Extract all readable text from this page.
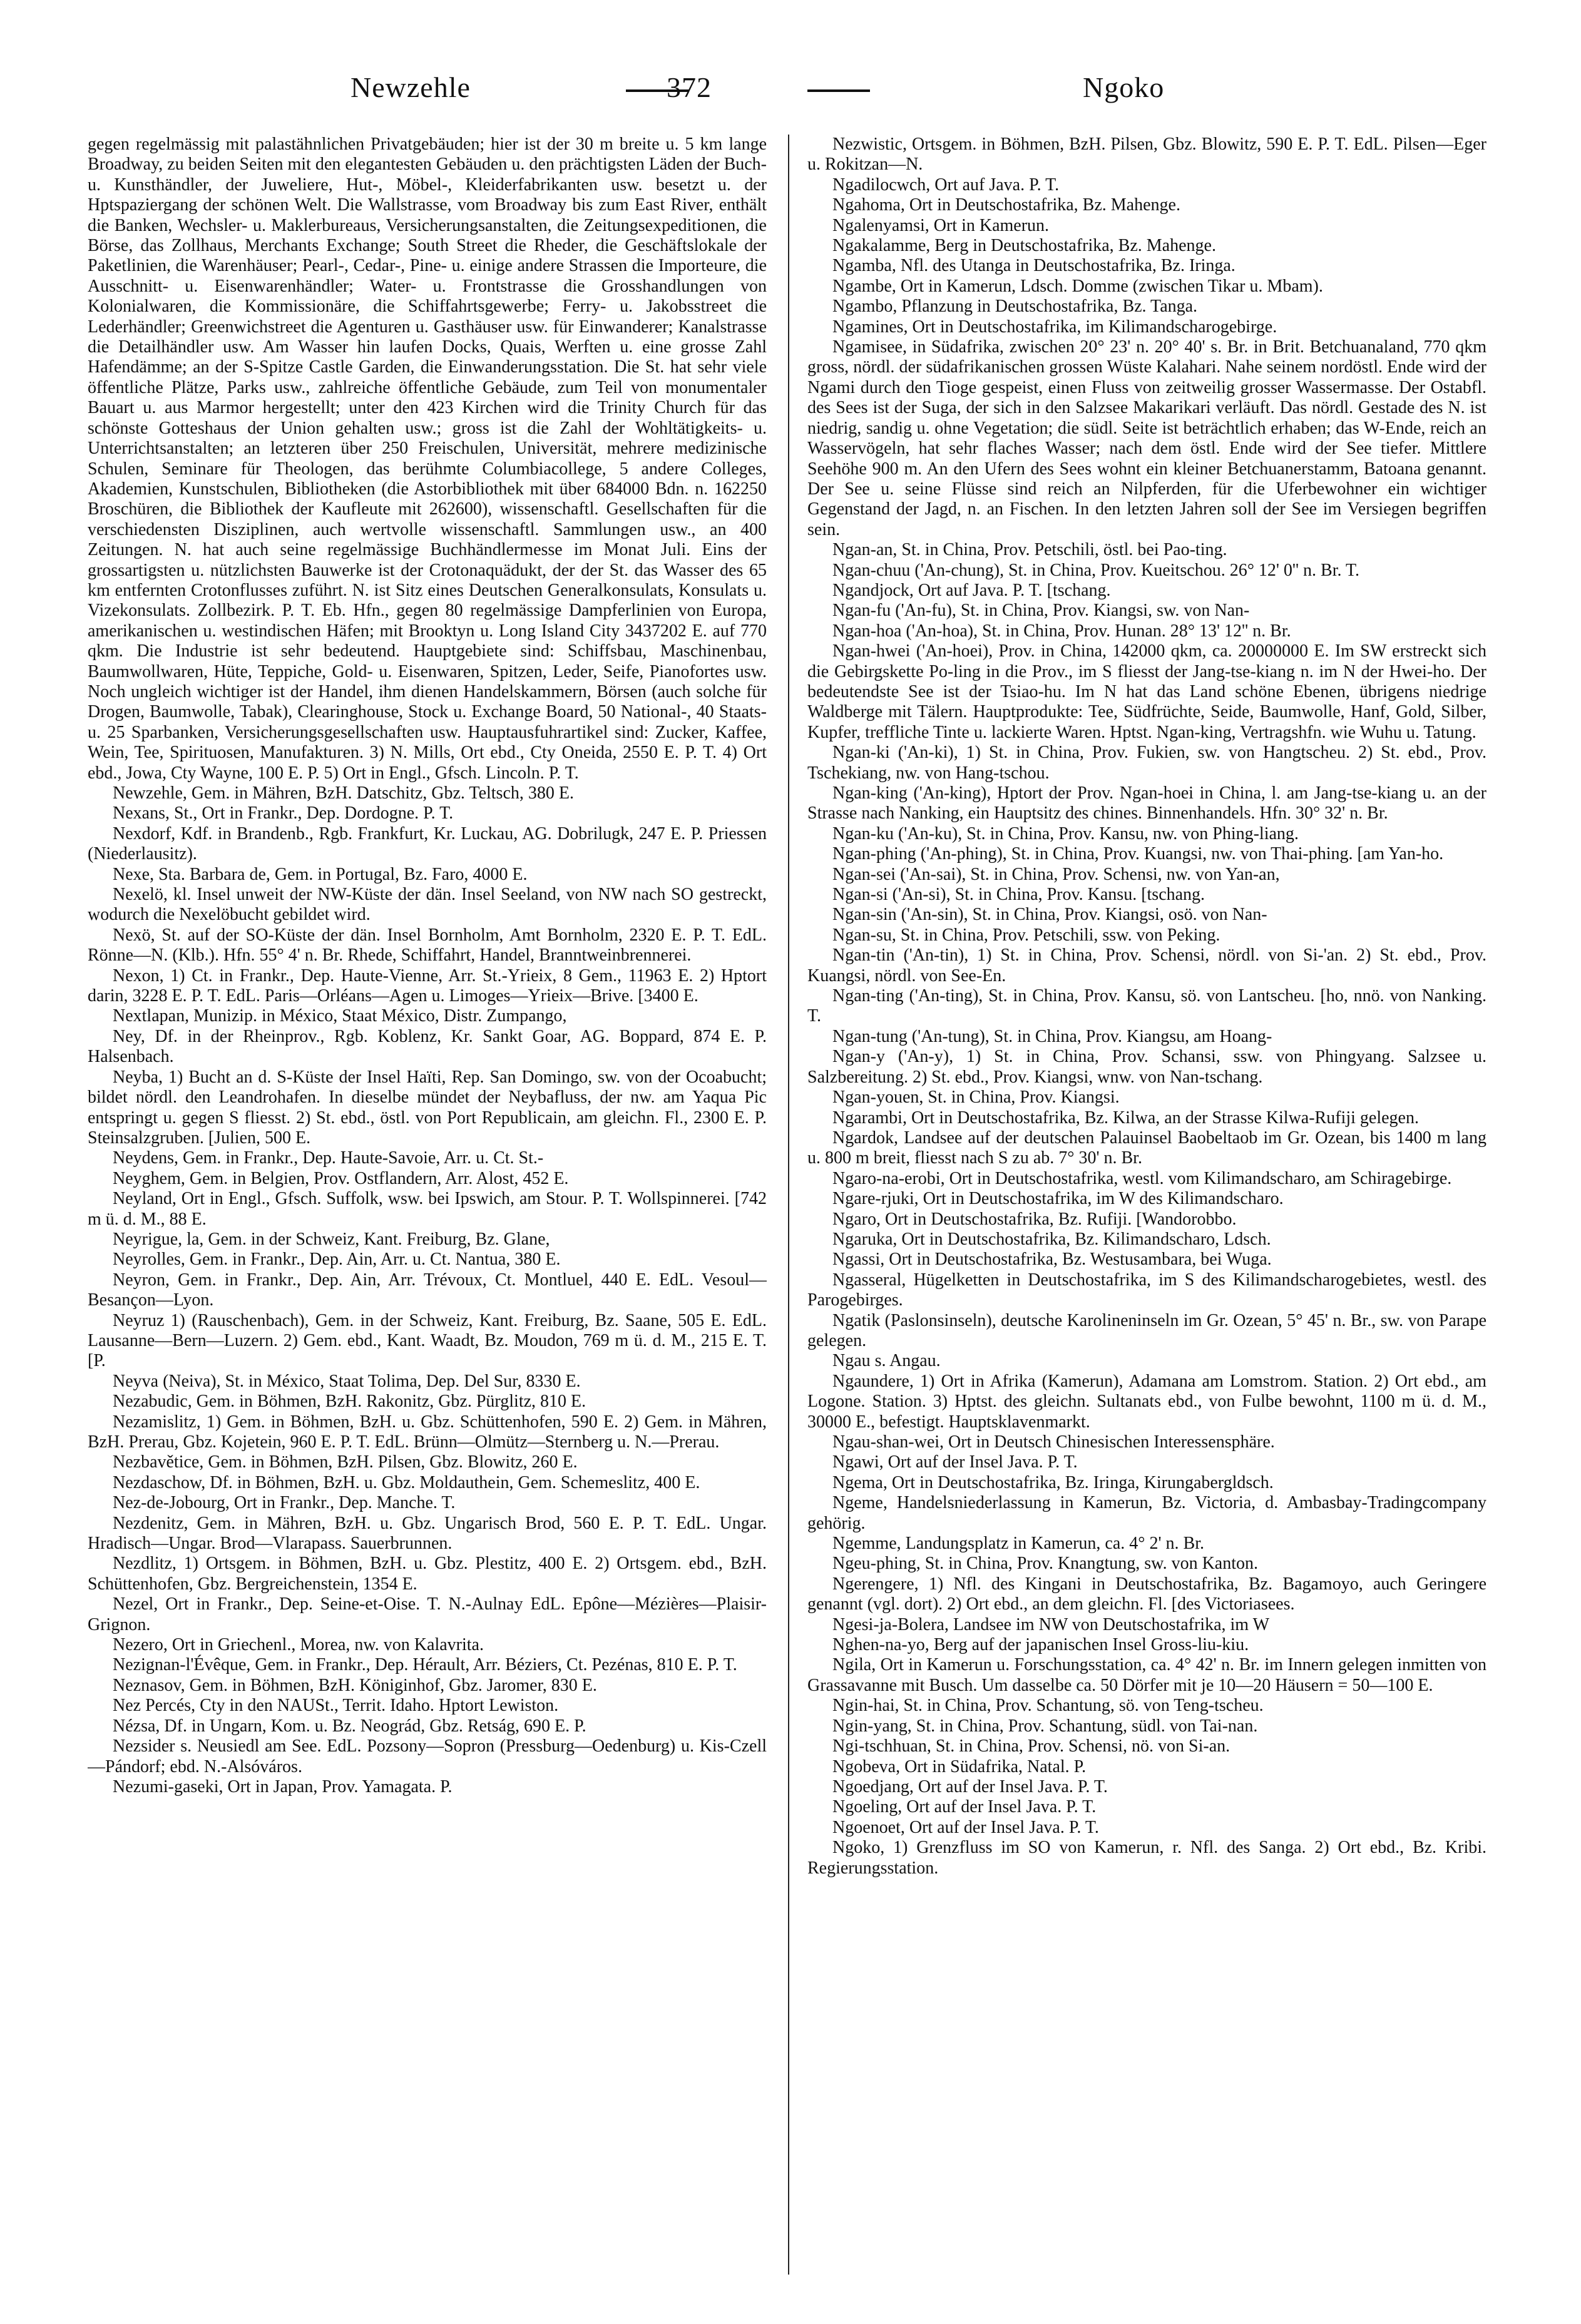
Newzehle	372	Ngoko

gegen regelmässig mit palastähnlichen Privatgebäuden; hier ist der 30 m breite u. 5 km lange Broadway, zu beiden Seiten mit den elegantesten Gebäuden u. den prächtigsten Läden der Buch- u. Kunsthändler, der Juweliere, Hut-, Möbel-, Kleiderfabrikanten usw. besetzt u. der Hptspaziergang der schönen Welt. Die Wallstrasse, vom Broadway bis zum East River, enthält die Banken, Wechsler- u. Maklerbureaus, Versicherungsanstalten, die Zeitungsexpeditionen, die Börse, das Zollhaus, Merchants Exchange; South Street die Rheder, die Geschäftslokale der Paketlinien, die Warenhäuser; Pearl-, Cedar-, Pine- u. einige andere Strassen die Importeure, die Ausschnitt- u. Eisenwarenhändler; Water- u. Frontstrasse die Grosshandlungen von Kolonialwaren, die Kommissionäre, die Schiffahrtsgewerbe; Ferry- u. Jakobsstreet die Lederhändler; Greenwichstreet die Agenturen u. Gasthäuser usw. für Einwanderer; Kanalstrasse die Detailhändler usw. Am Wasser hin laufen Docks, Quais, Werften u. eine grosse Zahl Hafendämme; an der S-Spitze Castle Garden, die Einwanderungsstation. Die St. hat sehr viele öffentliche Plätze, Parks usw., zahlreiche öffentliche Gebäude, zum Teil von monumentaler Bauart u. aus Marmor hergestellt; unter den 423 Kirchen wird die Trinity Church für das schönste Gotteshaus der Union gehalten usw.; gross ist die Zahl der Wohltätigkeits- u. Unterrichtsanstalten; an letzteren über 250 Freischulen, Universität, mehrere medizinische Schulen, Seminare für Theologen, das berühmte Columbiacollege, 5 andere Colleges, Akademien, Kunstschulen, Bibliotheken (die Astorbibliothek mit über 684000 Bdn. n. 162250 Broschüren, die Bibliothek der Kaufleute mit 262600), wissenschaftl. Gesellschaften für die verschiedensten Disziplinen, auch wertvolle wissenschaftl. Sammlungen usw., an 400 Zeitungen. N. hat auch seine regelmässige Buchhändlermesse im Monat Juli. Eins der grossartigsten u. nützlichsten Bauwerke ist der Crotonaquädukt, der der St. das Wasser des 65 km entfernten Crotonflusses zuführt. N. ist Sitz eines Deutschen Generalkonsulats, Konsulats u. Vizekonsulats. Zollbezirk. P. T. Eb. Hfn., gegen 80 regelmässige Dampferlinien von Europa, amerikanischen u. westindischen Häfen; mit Brooktyn u. Long Island City 3437202 E. auf 770 qkm. Die Industrie ist sehr bedeutend. Hauptgebiete sind: Schiffsbau, Maschinenbau, Baumwollwaren, Hüte, Teppiche, Gold- u. Eisenwaren, Spitzen, Leder, Seife, Pianofortes usw. Noch ungleich wichtiger ist der Handel, ihm dienen Handelskammern, Börsen (auch solche für Drogen, Baumwolle, Tabak), Clearinghouse, Stock u. Exchange Board, 50 National-, 40 Staats- u. 25 Sparbanken, Versicherungsgesellschaften usw. Hauptausfuhrartikel sind: Zucker, Kaffee, Wein, Tee, Spirituosen, Manufakturen. 3) N. Mills, Ort ebd., Cty Oneida, 2550 E. P. T. 4) Ort ebd., Jowa, Cty Wayne, 100 E. P. 5) Ort in Engl., Gfsch. Lincoln. P. T.

Newzehle, Gem. in Mähren, BzH. Datschitz, Gbz. Teltsch, 380 E.

Nexans, St., Ort in Frankr., Dep. Dordogne. P. T.

Nexdorf, Kdf. in Brandenb., Rgb. Frankfurt, Kr. Luckau, AG. Dobrilugk, 247 E. P. Priessen (Niederlausitz).

Nexe, Sta. Barbara de, Gem. in Portugal, Bz. Faro, 4000 E.

Nexelö, kl. Insel unweit der NW-Küste der dän. Insel Seeland, von NW nach SO gestreckt, wodurch die Nexelöbucht gebildet wird.

Nexö, St. auf der SO-Küste der dän. Insel Bornholm, Amt Bornholm, 2320 E. P. T. EdL. Rönne—N. (Klb.). Hfn. 55° 4' n. Br. Rhede, Schiffahrt, Handel, Branntweinbrennerei.

Nexon, 1) Ct. in Frankr., Dep. Haute-Vienne, Arr. St.-Yrieix, 8 Gem., 11963 E. 2) Hptort darin, 3228 E. P. T. EdL. Paris—Orléans—Agen u. Limoges—Yrieix—Brive. [3400 E.

Nextlapan, Munizip. in México, Staat México, Distr. Zumpango,

Ney, Df. in der Rheinprov., Rgb. Koblenz, Kr. Sankt Goar, AG. Boppard, 874 E. P. Halsenbach.

Neyba, 1) Bucht an d. S-Küste der Insel Haïti, Rep. San Domingo, sw. von der Ocoabucht; bildet nördl. den Leandrohafen. In dieselbe mündet der Neybafluss, der nw. am Yaqua Pic entspringt u. gegen S fliesst. 2) St. ebd., östl. von Port Republicain, am gleichn. Fl., 2300 E. P. Steinsalzgruben. [Julien, 500 E.

Neydens, Gem. in Frankr., Dep. Haute-Savoie, Arr. u. Ct. St.-

Neyghem, Gem. in Belgien, Prov. Ostflandern, Arr. Alost, 452 E.

Neyland, Ort in Engl., Gfsch. Suffolk, wsw. bei Ipswich, am Stour. P. T. Wollspinnerei. [742 m ü. d. M., 88 E.

Neyrigue, la, Gem. in der Schweiz, Kant. Freiburg, Bz. Glane,

Neyrolles, Gem. in Frankr., Dep. Ain, Arr. u. Ct. Nantua, 380 E.

Neyron, Gem. in Frankr., Dep. Ain, Arr. Trévoux, Ct. Montluel, 440 E. EdL. Vesoul—Besançon—Lyon.

Neyruz 1) (Rauschenbach), Gem. in der Schweiz, Kant. Freiburg, Bz. Saane, 505 E. EdL. Lausanne—Bern—Luzern. 2) Gem. ebd., Kant. Waadt, Bz. Moudon, 769 m ü. d. M., 215 E. T. [P.

Neyva (Neiva), St. in México, Staat Tolima, Dep. Del Sur, 8330 E.

Nezabudic, Gem. in Böhmen, BzH. Rakonitz, Gbz. Pürglitz, 810 E.

Nezamislitz, 1) Gem. in Böhmen, BzH. u. Gbz. Schüttenhofen, 590 E. 2) Gem. in Mähren, BzH. Prerau, Gbz. Kojetein, 960 E. P. T. EdL. Brünn—Olmütz—Sternberg u. N.—Prerau.

Nezbavětice, Gem. in Böhmen, BzH. Pilsen, Gbz. Blowitz, 260 E.

Nezdaschow, Df. in Böhmen, BzH. u. Gbz. Moldauthein, Gem. Schemeslitz, 400 E.

Nez-de-Jobourg, Ort in Frankr., Dep. Manche. T.

Nezdenitz, Gem. in Mähren, BzH. u. Gbz. Ungarisch Brod, 560 E. P. T. EdL. Ungar. Hradisch—Ungar. Brod—Vlarapass. Sauerbrunnen.

Nezdlitz, 1) Ortsgem. in Böhmen, BzH. u. Gbz. Plestitz, 400 E. 2) Ortsgem. ebd., BzH. Schüttenhofen, Gbz. Bergreichenstein, 1354 E.

Nezel, Ort in Frankr., Dep. Seine-et-Oise. T. N.-Aulnay EdL. Epône—Mézières—Plaisir-Grignon.

Nezero, Ort in Griechenl., Morea, nw. von Kalavrita.

Nezignan-l'Évêque, Gem. in Frankr., Dep. Hérault, Arr. Béziers, Ct. Pezénas, 810 E. P. T.

Neznasov, Gem. in Böhmen, BzH. Königinhof, Gbz. Jaromer, 830 E.

Nez Percés, Cty in den NAUSt., Territ. Idaho. Hptort Lewiston.

Nézsa, Df. in Ungarn, Kom. u. Bz. Neográd, Gbz. Retság, 690 E. P.

Nezsider s. Neusiedl am See. EdL. Pozsony—Sopron (Pressburg—Oedenburg) u. Kis-Czell—Pándorf; ebd. N.-Alsóváros.

Nezumi-gaseki, Ort in Japan, Prov. Yamagata. P.

Nezwistic, Ortsgem. in Böhmen, BzH. Pilsen, Gbz. Blowitz, 590 E. P. T. EdL. Pilsen—Eger u. Rokitzan—N.

Ngadilocwch, Ort auf Java. P. T.

Ngahoma, Ort in Deutschostafrika, Bz. Mahenge.

Ngalenyamsi, Ort in Kamerun.

Ngakalamme, Berg in Deutschostafrika, Bz. Mahenge.

Ngamba, Nfl. des Utanga in Deutschostafrika, Bz. Iringa.

Ngambe, Ort in Kamerun, Ldsch. Domme (zwischen Tikar u. Mbam).

Ngambo, Pflanzung in Deutschostafrika, Bz. Tanga.

Ngamines, Ort in Deutschostafrika, im Kilimandscharogebirge.

Ngamisee, in Südafrika, zwischen 20° 23' n. 20° 40' s. Br. in Brit. Betchuanaland, 770 qkm gross, nördl. der südafrikanischen grossen Wüste Kalahari. Nahe seinem nordöstl. Ende wird der Ngami durch den Tioge gespeist, einen Fluss von zeitweilig grosser Wassermasse. Der Ostabfl. des Sees ist der Suga, der sich in den Salzsee Makarikari verläuft. Das nördl. Gestade des N. ist niedrig, sandig u. ohne Vegetation; die südl. Seite ist beträchtlich erhaben; das W-Ende, reich an Wasservögeln, hat sehr flaches Wasser; nach dem östl. Ende wird der See tiefer. Mittlere Seehöhe 900 m. An den Ufern des Sees wohnt ein kleiner Betchuanerstamm, Batoana genannt. Der See u. seine Flüsse sind reich an Nilpferden, für die Uferbewohner ein wichtiger Gegenstand der Jagd, n. an Fischen. In den letzten Jahren soll der See im Versiegen begriffen sein.

Ngan-an, St. in China, Prov. Petschili, östl. bei Pao-ting.

Ngan-chuu ('An-chung), St. in China, Prov. Kueitschou. 26° 12' 0'' n. Br. T.

Ngandjock, Ort auf Java. P. T. [tschang.

Ngan-fu ('An-fu), St. in China, Prov. Kiangsi, sw. von Nan-

Ngan-hoa ('An-hoa), St. in China, Prov. Hunan. 28° 13' 12'' n. Br.

Ngan-hwei ('An-hoei), Prov. in China, 142000 qkm, ca. 20000000 E. Im SW erstreckt sich die Gebirgskette Po-ling in die Prov., im S fliesst der Jang-tse-kiang n. im N der Hwei-ho. Der bedeutendste See ist der Tsiao-hu. Im N hat das Land schöne Ebenen, übrigens niedrige Waldberge mit Tälern. Hauptprodukte: Tee, Südfrüchte, Seide, Baumwolle, Hanf, Gold, Silber, Kupfer, treffliche Tinte u. lackierte Waren. Hptst. Ngan-king, Vertragshfn. wie Wuhu u. Tatung.

Ngan-ki ('An-ki), 1) St. in China, Prov. Fukien, sw. von Hangtscheu. 2) St. ebd., Prov. Tschekiang, nw. von Hang-tschou.

Ngan-king ('An-king), Hptort der Prov. Ngan-hoei in China, l. am Jang-tse-kiang u. an der Strasse nach Nanking, ein Hauptsitz des chines. Binnenhandels. Hfn. 30° 32' n. Br.

Ngan-ku ('An-ku), St. in China, Prov. Kansu, nw. von Phing-liang.

Ngan-phing ('An-phing), St. in China, Prov. Kuangsi, nw. von Thai-phing. [am Yan-ho.

Ngan-sei ('An-sai), St. in China, Prov. Schensi, nw. von Yan-an,

Ngan-si ('An-si), St. in China, Prov. Kansu. [tschang.

Ngan-sin ('An-sin), St. in China, Prov. Kiangsi, osö. von Nan-

Ngan-su, St. in China, Prov. Petschili, ssw. von Peking.

Ngan-tin ('An-tin), 1) St. in China, Prov. Schensi, nördl. von Si-'an. 2) St. ebd., Prov. Kuangsi, nördl. von See-En.

Ngan-ting ('An-ting), St. in China, Prov. Kansu, sö. von Lantscheu. [ho, nnö. von Nanking. T.

Ngan-tung ('An-tung), St. in China, Prov. Kiangsu, am Hoang-

Ngan-y ('An-y), 1) St. in China, Prov. Schansi, ssw. von Phingyang. Salzsee u. Salzbereitung. 2) St. ebd., Prov. Kiangsi, wnw. von Nan-tschang.

Ngan-youen, St. in China, Prov. Kiangsi.

Ngarambi, Ort in Deutschostafrika, Bz. Kilwa, an der Strasse Kilwa-Rufiji gelegen.

Ngardok, Landsee auf der deutschen Palauinsel Baobeltaob im Gr. Ozean, bis 1400 m lang u. 800 m breit, fliesst nach S zu ab. 7° 30' n. Br.

Ngaro-na-erobi, Ort in Deutschostafrika, westl. vom Kilimandscharo, am Schiragebirge.

Ngare-rjuki, Ort in Deutschostafrika, im W des Kilimandscharo.

Ngaro, Ort in Deutschostafrika, Bz. Rufiji. [Wandorobbo.

Ngaruka, Ort in Deutschostafrika, Bz. Kilimandscharo, Ldsch.

Ngassi, Ort in Deutschostafrika, Bz. Westusambara, bei Wuga.

Ngasseral, Hügelketten in Deutschostafrika, im S des Kilimandscharogebietes, westl. des Parogebirges.

Ngatik (Paslonsinseln), deutsche Karolineninseln im Gr. Ozean, 5° 45' n. Br., sw. von Parape gelegen.

Ngau s. Angau.

Ngaundere, 1) Ort in Afrika (Kamerun), Adamana am Lomstrom. Station. 2) Ort ebd., am Logone. Station. 3) Hptst. des gleichn. Sultanats ebd., von Fulbe bewohnt, 1100 m ü. d. M., 30000 E., befestigt. Hauptsklavenmarkt.

Ngau-shan-wei, Ort in Deutsch Chinesischen Interessensphäre.

Ngawi, Ort auf der Insel Java. P. T.

Ngema, Ort in Deutschostafrika, Bz. Iringa, Kirungabergldsch.

Ngeme, Handelsniederlassung in Kamerun, Bz. Victoria, d. Ambasbay-Tradingcompany gehörig.

Ngemme, Landungsplatz in Kamerun, ca. 4° 2' n. Br.

Ngeu-phing, St. in China, Prov. Knangtung, sw. von Kanton.

Ngerengere, 1) Nfl. des Kingani in Deutschostafrika, Bz. Bagamoyo, auch Geringere genannt (vgl. dort). 2) Ort ebd., an dem gleichn. Fl. [des Victoriasees.

Ngesi-ja-Bolera, Landsee im NW von Deutschostafrika, im W

Nghen-na-yo, Berg auf der japanischen Insel Gross-liu-kiu.

Ngila, Ort in Kamerun u. Forschungsstation, ca. 4° 42' n. Br. im Innern gelegen inmitten von Grassavanne mit Busch. Um dasselbe ca. 50 Dörfer mit je 10—20 Häusern = 50—100 E.

Ngin-hai, St. in China, Prov. Schantung, sö. von Teng-tscheu.

Ngin-yang, St. in China, Prov. Schantung, südl. von Tai-nan.

Ngi-tschhuan, St. in China, Prov. Schensi, nö. von Si-an.

Ngobeva, Ort in Südafrika, Natal. P.

Ngoedjang, Ort auf der Insel Java. P. T.

Ngoeling, Ort auf der Insel Java. P. T.

Ngoenoet, Ort auf der Insel Java. P. T.

Ngoko, 1) Grenzfluss im SO von Kamerun, r. Nfl. des Sanga. 2) Ort ebd., Bz. Kribi. Regierungsstation.
